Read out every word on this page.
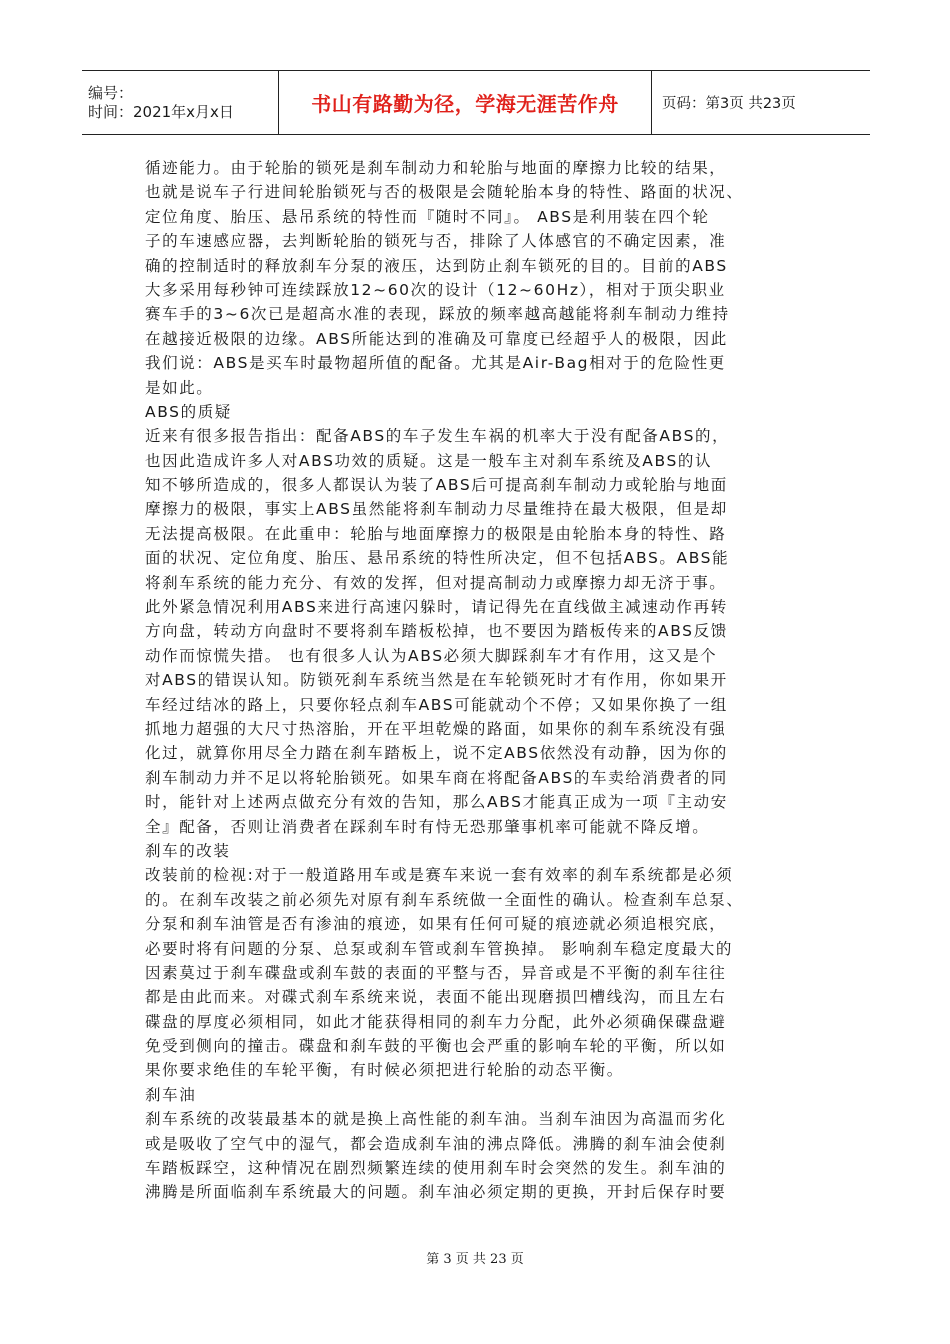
编号：
时间：2021年x月x日	书山有路勤为径，学海无涯苦作舟	页码：第3页 共23页
循迹能力。由于轮胎的锁死是刹车制动力和轮胎与地面的摩擦力比较的结果，
也就是说车子行进间轮胎锁死与否的极限是会随轮胎本身的特性、路面的状况、
定位角度、胎压、悬吊系统的特性而『随时不同』。 ABS是利用装在四个轮
子的车速感应器，去判断轮胎的锁死与否，排除了人体感官的不确定因素，准
确的控制适时的释放刹车分泵的液压，达到防止刹车锁死的目的。目前的ABS
大多采用每秒钟可连续踩放12~60次的设计（12~60Hz），相对于顶尖职业
赛车手的3~6次已是超高水准的表现，踩放的频率越高越能将刹车制动力维持
在越接近极限的边缘。ABS所能达到的准确及可靠度已经超乎人的极限，因此
我们说：ABS是买车时最物超所值的配备。尤其是Air-Bag相对于的危险性更
是如此。
ABS的质疑
近来有很多报告指出：配备ABS的车子发生车祸的机率大于没有配备ABS的，
也因此造成许多人对ABS功效的质疑。这是一般车主对刹车系统及ABS的认
知不够所造成的，很多人都误认为装了ABS后可提高刹车制动力或轮胎与地面
摩擦力的极限，事实上ABS虽然能将刹车制动力尽量维持在最大极限，但是却
无法提高极限。在此重申：轮胎与地面摩擦力的极限是由轮胎本身的特性、路
面的状况、定位角度、胎压、悬吊系统的特性所决定，但不包括ABS。ABS能
将刹车系统的能力充分、有效的发挥，但对提高制动力或摩擦力却无济于事。
此外紧急情况利用ABS来进行高速闪躲时，请记得先在直线做主减速动作再转
方向盘，转动方向盘时不要将刹车踏板松掉，也不要因为踏板传来的ABS反馈
动作而惊慌失措。 也有很多人认为ABS必须大脚踩刹车才有作用，这又是个
对ABS的错误认知。防锁死刹车系统当然是在车轮锁死时才有作用，你如果开
车经过结冰的路上，只要你轻点刹车ABS可能就动个不停；又如果你换了一组
抓地力超强的大尺寸热溶胎，开在平坦乾燥的路面，如果你的刹车系统没有强
化过，就算你用尽全力踏在刹车踏板上，说不定ABS依然没有动静，因为你的
刹车制动力并不足以将轮胎锁死。如果车商在将配备ABS的车卖给消费者的同
时，能针对上述两点做充分有效的告知，那么ABS才能真正成为一项『主动安
全』配备，否则让消费者在踩刹车时有恃无恐那肇事机率可能就不降反增。
刹车的改装
改装前的检视:对于一般道路用车或是赛车来说一套有效率的刹车系统都是必须
的。在刹车改装之前必须先对原有刹车系统做一全面性的确认。检查刹车总泵、
分泵和刹车油管是否有渗油的痕迹，如果有任何可疑的痕迹就必须追根究底，
必要时将有问题的分泵、总泵或刹车管或刹车管换掉。 影响刹车稳定度最大的
因素莫过于刹车碟盘或刹车鼓的表面的平整与否，异音或是不平衡的刹车往往
都是由此而来。对碟式刹车系统来说，表面不能出现磨损凹槽线沟，而且左右
碟盘的厚度必须相同，如此才能获得相同的刹车力分配，此外必须确保碟盘避
免受到侧向的撞击。碟盘和刹车鼓的平衡也会严重的影响车轮的平衡，所以如
果你要求绝佳的车轮平衡，有时候必须把进行轮胎的动态平衡。
刹车油
刹车系统的改装最基本的就是换上高性能的刹车油。当刹车油因为高温而劣化
或是吸收了空气中的湿气，都会造成刹车油的沸点降低。沸腾的刹车油会使刹
车踏板踩空，这种情况在剧烈频繁连续的使用刹车时会突然的发生。刹车油的
沸腾是所面临刹车系统最大的问题。刹车油必须定期的更换，开封后保存时要
第 3 页 共 23 页
